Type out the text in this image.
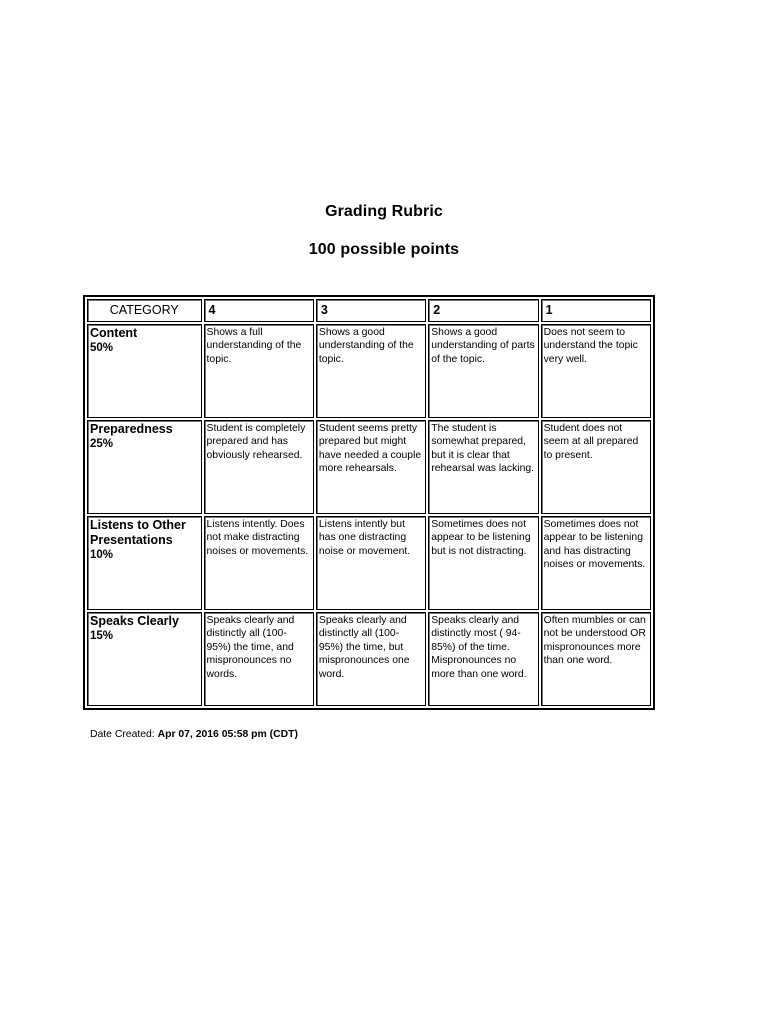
Grading Rubric
100 possible points
CATEGORY	4	3	2	1

Content
50%	Shows a full understanding of the topic.	Shows a good understanding of the topic.	Shows a good understanding of parts of the topic.	Does not seem to understand the topic very well.

Preparedness
25%	Student is completely prepared and has obviously rehearsed.	Student seems pretty prepared but might have needed a couple more rehearsals.	The student is somewhat prepared, but it is clear that rehearsal was lacking.	Student does not seem at all prepared to present.

Listens to Other Presentations
10%	Listens intently. Does not make distracting noises or movements.	Listens intently but has one distracting noise or movement.	Sometimes does not appear to be listening but is not distracting.	Sometimes does not appear to be listening and has distracting noises or movements.

Speaks Clearly
15%	Speaks clearly and distinctly all (100-95%) the time, and mispronounces no words.	Speaks clearly and distinctly all (100-95%) the time, but mispronounces one word.	Speaks clearly and distinctly most ( 94-85%) of the time. Mispronounces no more than one word.	Often mumbles or can not be understood OR mispronounces more than one word.
Date Created: Apr 07, 2016 05:58 pm (CDT)
